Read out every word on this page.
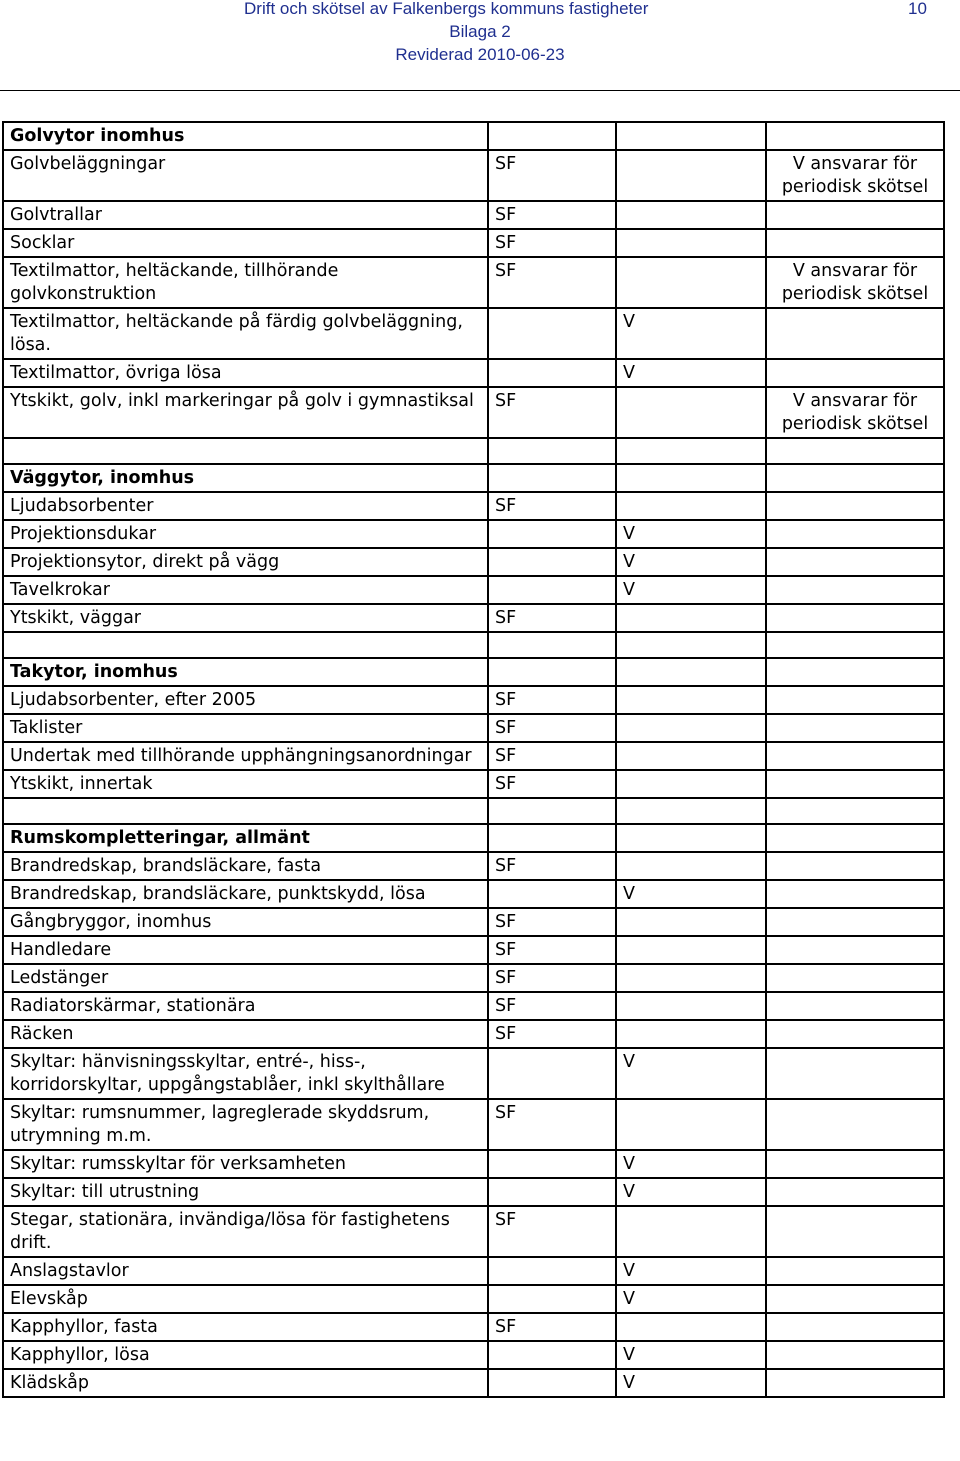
Drift och skötsel av Falkenbergs kommuns fastigheter	10
Bilaga 2
Reviderad 2010-06-23
Golvytor inomhus			
Golvbeläggningar	SF		V ansvarar för periodisk skötsel
Golvtrallar	SF		
Socklar	SF		
Textilmattor, heltäckande, tillhörande golvkonstruktion	SF		V ansvarar för periodisk skötsel
Textilmattor, heltäckande på färdig golvbeläggning, lösa.		V	
Textilmattor, övriga lösa		V	
Ytskikt, golv, inkl markeringar på golv i gymnastiksal	SF		V ansvarar för periodisk skötsel

Väggytor, inomhus			
Ljudabsorbenter	SF		
Projektionsdukar		V	
Projektionsytor, direkt på vägg		V	
Tavelkrokar		V	
Ytskikt, väggar	SF		

Takytor, inomhus			
Ljudabsorbenter, efter 2005	SF		
Taklister	SF		
Undertak med tillhörande upphängningsanordningar	SF		
Ytskikt, innertak	SF		

Rumskompletteringar, allmänt			
Brandredskap, brandsläckare, fasta	SF		
Brandredskap, brandsläckare, punktskydd, lösa		V	
Gångbryggor, inomhus	SF		
Handledare	SF		
Ledstänger	SF		
Radiatorskärmar, stationära	SF		
Räcken	SF		
Skyltar: hänvisningsskyltar, entré-, hiss-, korridorskyltar, uppgångstablåer, inkl skylthållare		V	
Skyltar: rumsnummer, lagreglerade skyddsrum, utrymning m.m.	SF		
Skyltar: rumsskyltar för verksamheten		V	
Skyltar: till utrustning		V	
Stegar, stationära, invändiga/lösa för fastighetens drift.	SF		
Anslagstavlor		V	
Elevskåp		V	
Kapphyllor, fasta	SF		
Kapphyllor, lösa		V	
Klädskåp		V	
